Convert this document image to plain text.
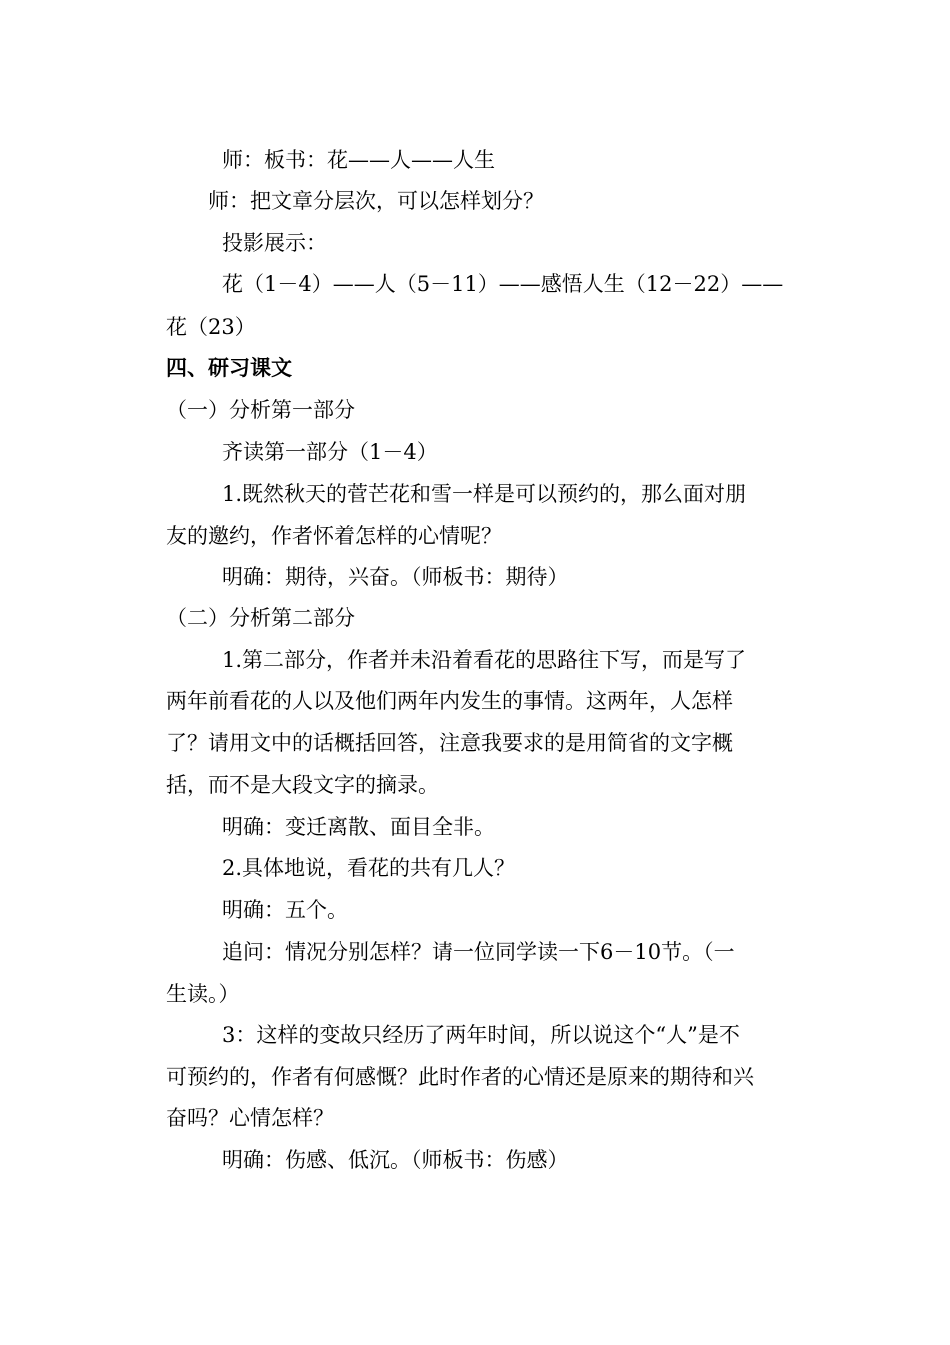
师：板书：花——人——人生
师：把文章分层次，可以怎样划分？
投影展示：
花（1－4）——人（5－11）——感悟人生（12－22）——
花（23）
四、研习课文
（一）分析第一部分
齐读第一部分（1－4）
1.既然秋天的菅芒花和雪一样是可以预约的，那么面对朋
友的邀约，作者怀着怎样的心情呢？
明确：期待，兴奋。（师板书：期待）
（二）分析第二部分
1.第二部分，作者并未沿着看花的思路往下写，而是写了
两年前看花的人以及他们两年内发生的事情。这两年，人怎样
了？请用文中的话概括回答，注意我要求的是用简省的文字概
括，而不是大段文字的摘录。
明确：变迁离散、面目全非。
2.具体地说，看花的共有几人？
明确：五个。
追问：情况分别怎样？请一位同学读一下6－10节。（一
生读。）
3：这样的变故只经历了两年时间，所以说这个“人”是不
可预约的，作者有何感慨？此时作者的心情还是原来的期待和兴
奋吗？心情怎样？
明确：伤感、低沉。（师板书：伤感）
